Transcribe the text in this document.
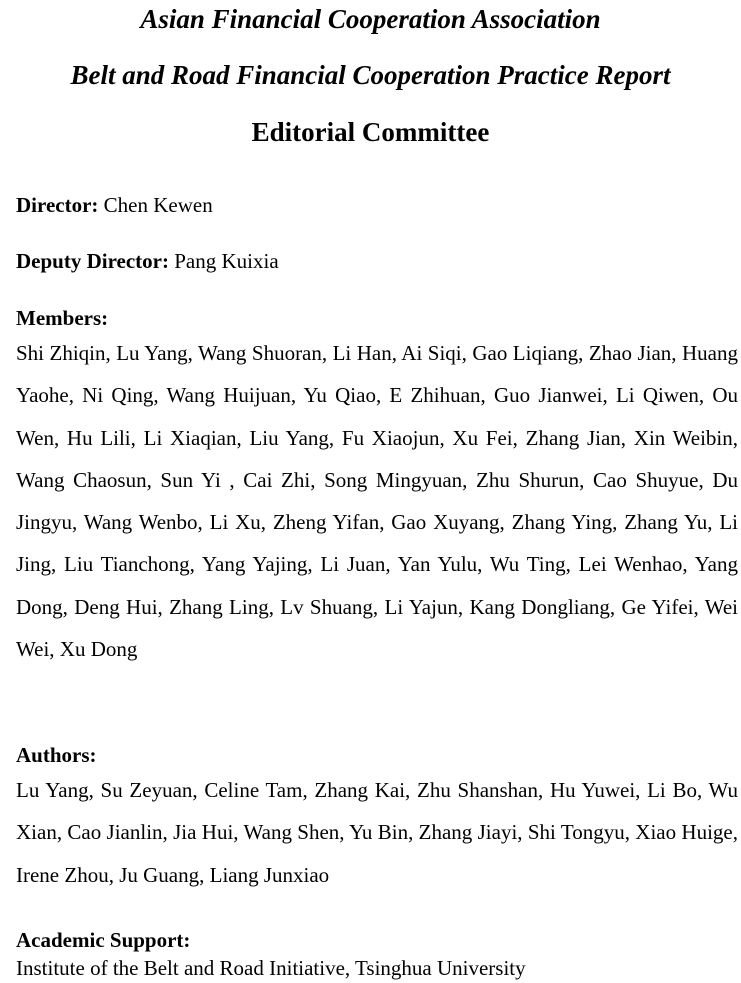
Asian Financial Cooperation Association
Belt and Road Financial Cooperation Practice Report
Editorial Committee
Director: Chen Kewen
Deputy Director: Pang Kuixia
Members:
Shi Zhiqin, Lu Yang, Wang Shuoran, Li Han, Ai Siqi, Gao Liqiang, Zhao Jian, Huang Yaohe, Ni Qing, Wang Huijuan, Yu Qiao, E Zhihuan, Guo Jianwei, Li Qiwen, Ou Wen, Hu Lili, Li Xiaqian, Liu Yang, Fu Xiaojun, Xu Fei, Zhang Jian, Xin Weibin, Wang Chaosun, Sun Yi , Cai Zhi, Song Mingyuan, Zhu Shurun, Cao Shuyue, Du Jingyu, Wang Wenbo, Li Xu, Zheng Yifan, Gao Xuyang, Zhang Ying, Zhang Yu, Li Jing, Liu Tianchong, Yang Yajing, Li Juan, Yan Yulu, Wu Ting, Lei Wenhao, Yang Dong, Deng Hui, Zhang Ling, Lv Shuang, Li Yajun, Kang Dongliang, Ge Yifei, Wei Wei, Xu Dong
Authors:
Lu Yang, Su Zeyuan, Celine Tam, Zhang Kai, Zhu Shanshan, Hu Yuwei, Li Bo, Wu Xian, Cao Jianlin, Jia Hui, Wang Shen, Yu Bin, Zhang Jiayi, Shi Tongyu, Xiao Huige, Irene Zhou, Ju Guang, Liang Junxiao
Academic Support:
Institute of the Belt and Road Initiative, Tsinghua University
